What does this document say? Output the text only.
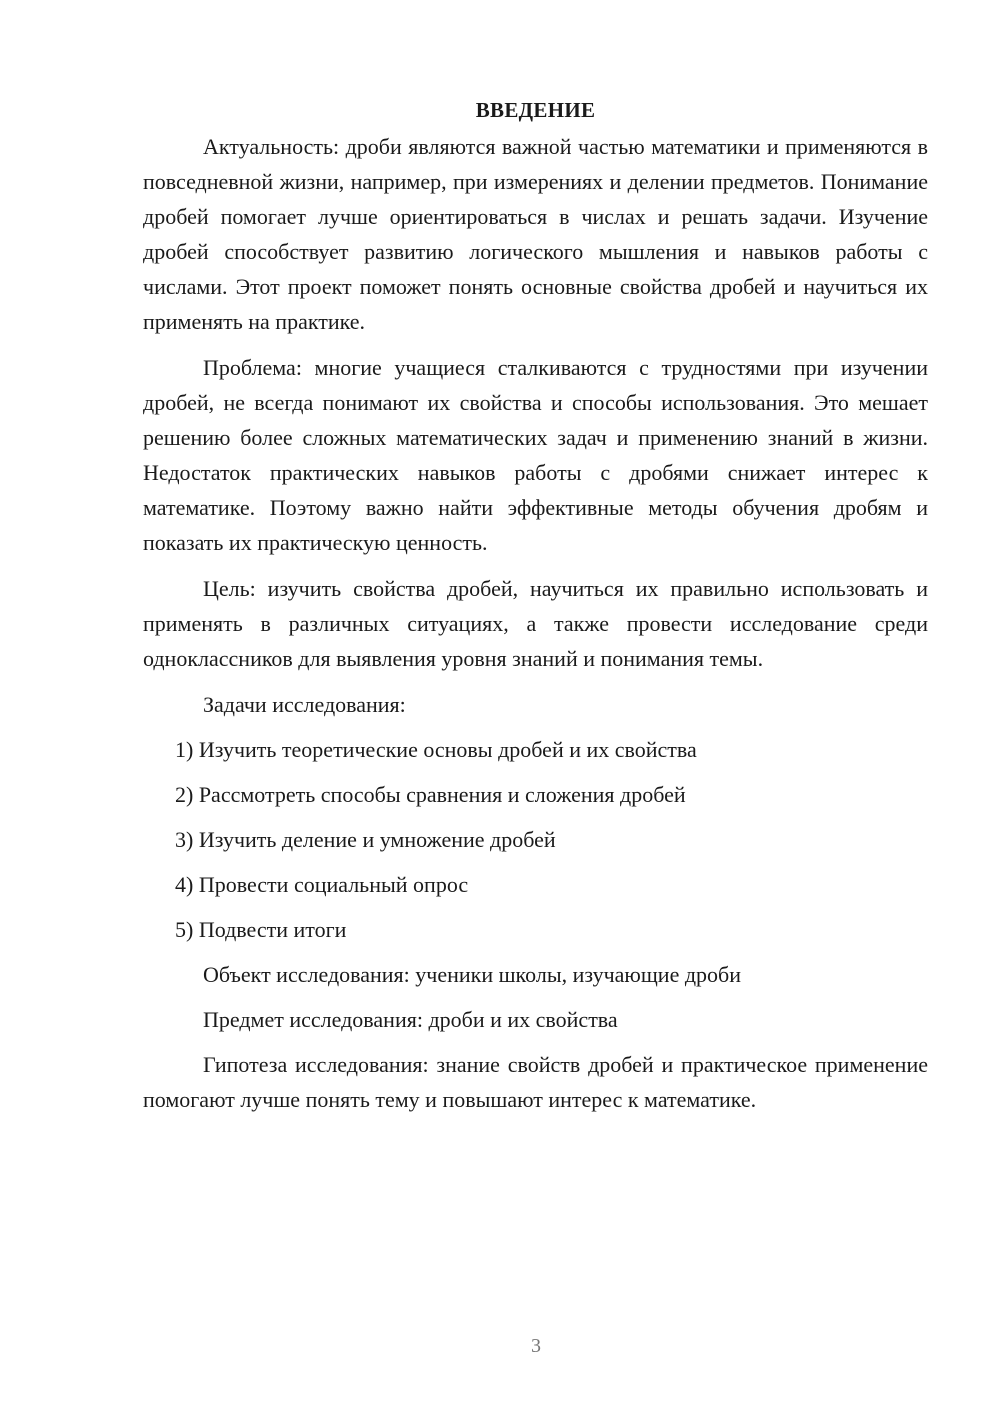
ВВЕДЕНИЕ

Актуальность: дроби являются важной частью математики и применяются в повседневной жизни, например, при измерениях и делении предметов. Понимание дробей помогает лучше ориентироваться в числах и решать задачи. Изучение дробей способствует развитию логического мышления и навыков работы с числами. Этот проект поможет понять основные свойства дробей и научиться их применять на практике.

Проблема: многие учащиеся сталкиваются с трудностями при изучении дробей, не всегда понимают их свойства и способы использования. Это мешает решению более сложных математических задач и применению знаний в жизни. Недостаток практических навыков работы с дробями снижает интерес к математике. Поэтому важно найти эффективные методы обучения дробям и показать их практическую ценность.

Цель: изучить свойства дробей, научиться их правильно использовать и применять в различных ситуациях, а также провести исследование среди одноклассников для выявления уровня знаний и понимания темы.

Задачи исследования:
1) Изучить теоретические основы дробей и их свойства
2) Рассмотреть способы сравнения и сложения дробей
3) Изучить деление и умножение дробей
4) Провести социальный опрос
5) Подвести итоги
Объект исследования: ученики школы, изучающие дроби
Предмет исследования: дроби и их свойства

Гипотеза исследования: знание свойств дробей и практическое применение помогают лучше понять тему и повышают интерес к математике.

3
